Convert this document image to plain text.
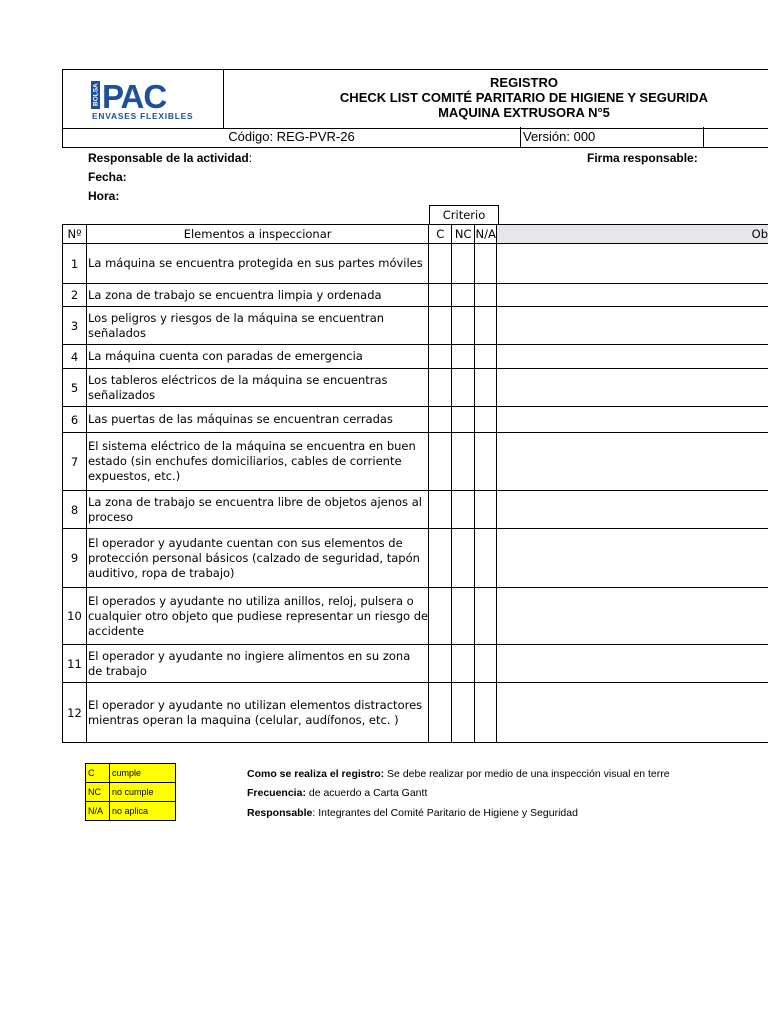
BOLSA PAC
ENVASES FLEXIBLES
REGISTRO
CHECK LIST COMITÉ PARITARIO DE HIGIENE Y SEGURIDA
MAQUINA EXTRUSORA N°5
Código: REG-PVR-26	Versión: 000
Responsable de la actividad:	Firma responsable:
Fecha:
Hora:
Criterio
Nº	Elementos a inspeccionar	C	NC	N/A	Ob
1	La máquina se encuentra protegida en sus partes móviles				
2	La zona de trabajo se encuentra limpia y ordenada				
3	Los peligros y riesgos de la máquina se encuentran señalados				
4	La máquina cuenta con paradas de emergencia				
5	Los tableros eléctricos de la máquina se encuentras señalizados				
6	Las puertas de las máquinas se encuentran cerradas				
7	El sistema eléctrico de la máquina se encuentra en buen estado (sin enchufes domiciliarios, cables de corriente expuestos, etc.)				
8	La zona de trabajo se encuentra libre de objetos ajenos al proceso				
9	El operador y ayudante cuentan con sus elementos de protección personal básicos (calzado de seguridad, tapón auditivo, ropa de trabajo)				
10	El operados y ayudante no utiliza anillos, reloj, pulsera o cualquier otro objeto que pudiese representar un riesgo de accidente				
11	El operador y ayudante no ingiere alimentos en su zona de trabajo				
12	El operador y ayudante no utilizan elementos distractores mientras operan la maquina (celular, audífonos, etc. )				
C	cumple
NC	no cumple
N/A	no aplica
Como se realiza el registro: Se debe realizar por medio de una inspección visual en terre
Frecuencia: de acuerdo a Carta Gantt
Responsable: Integrantes del Comité Paritario de Higiene y Seguridad
